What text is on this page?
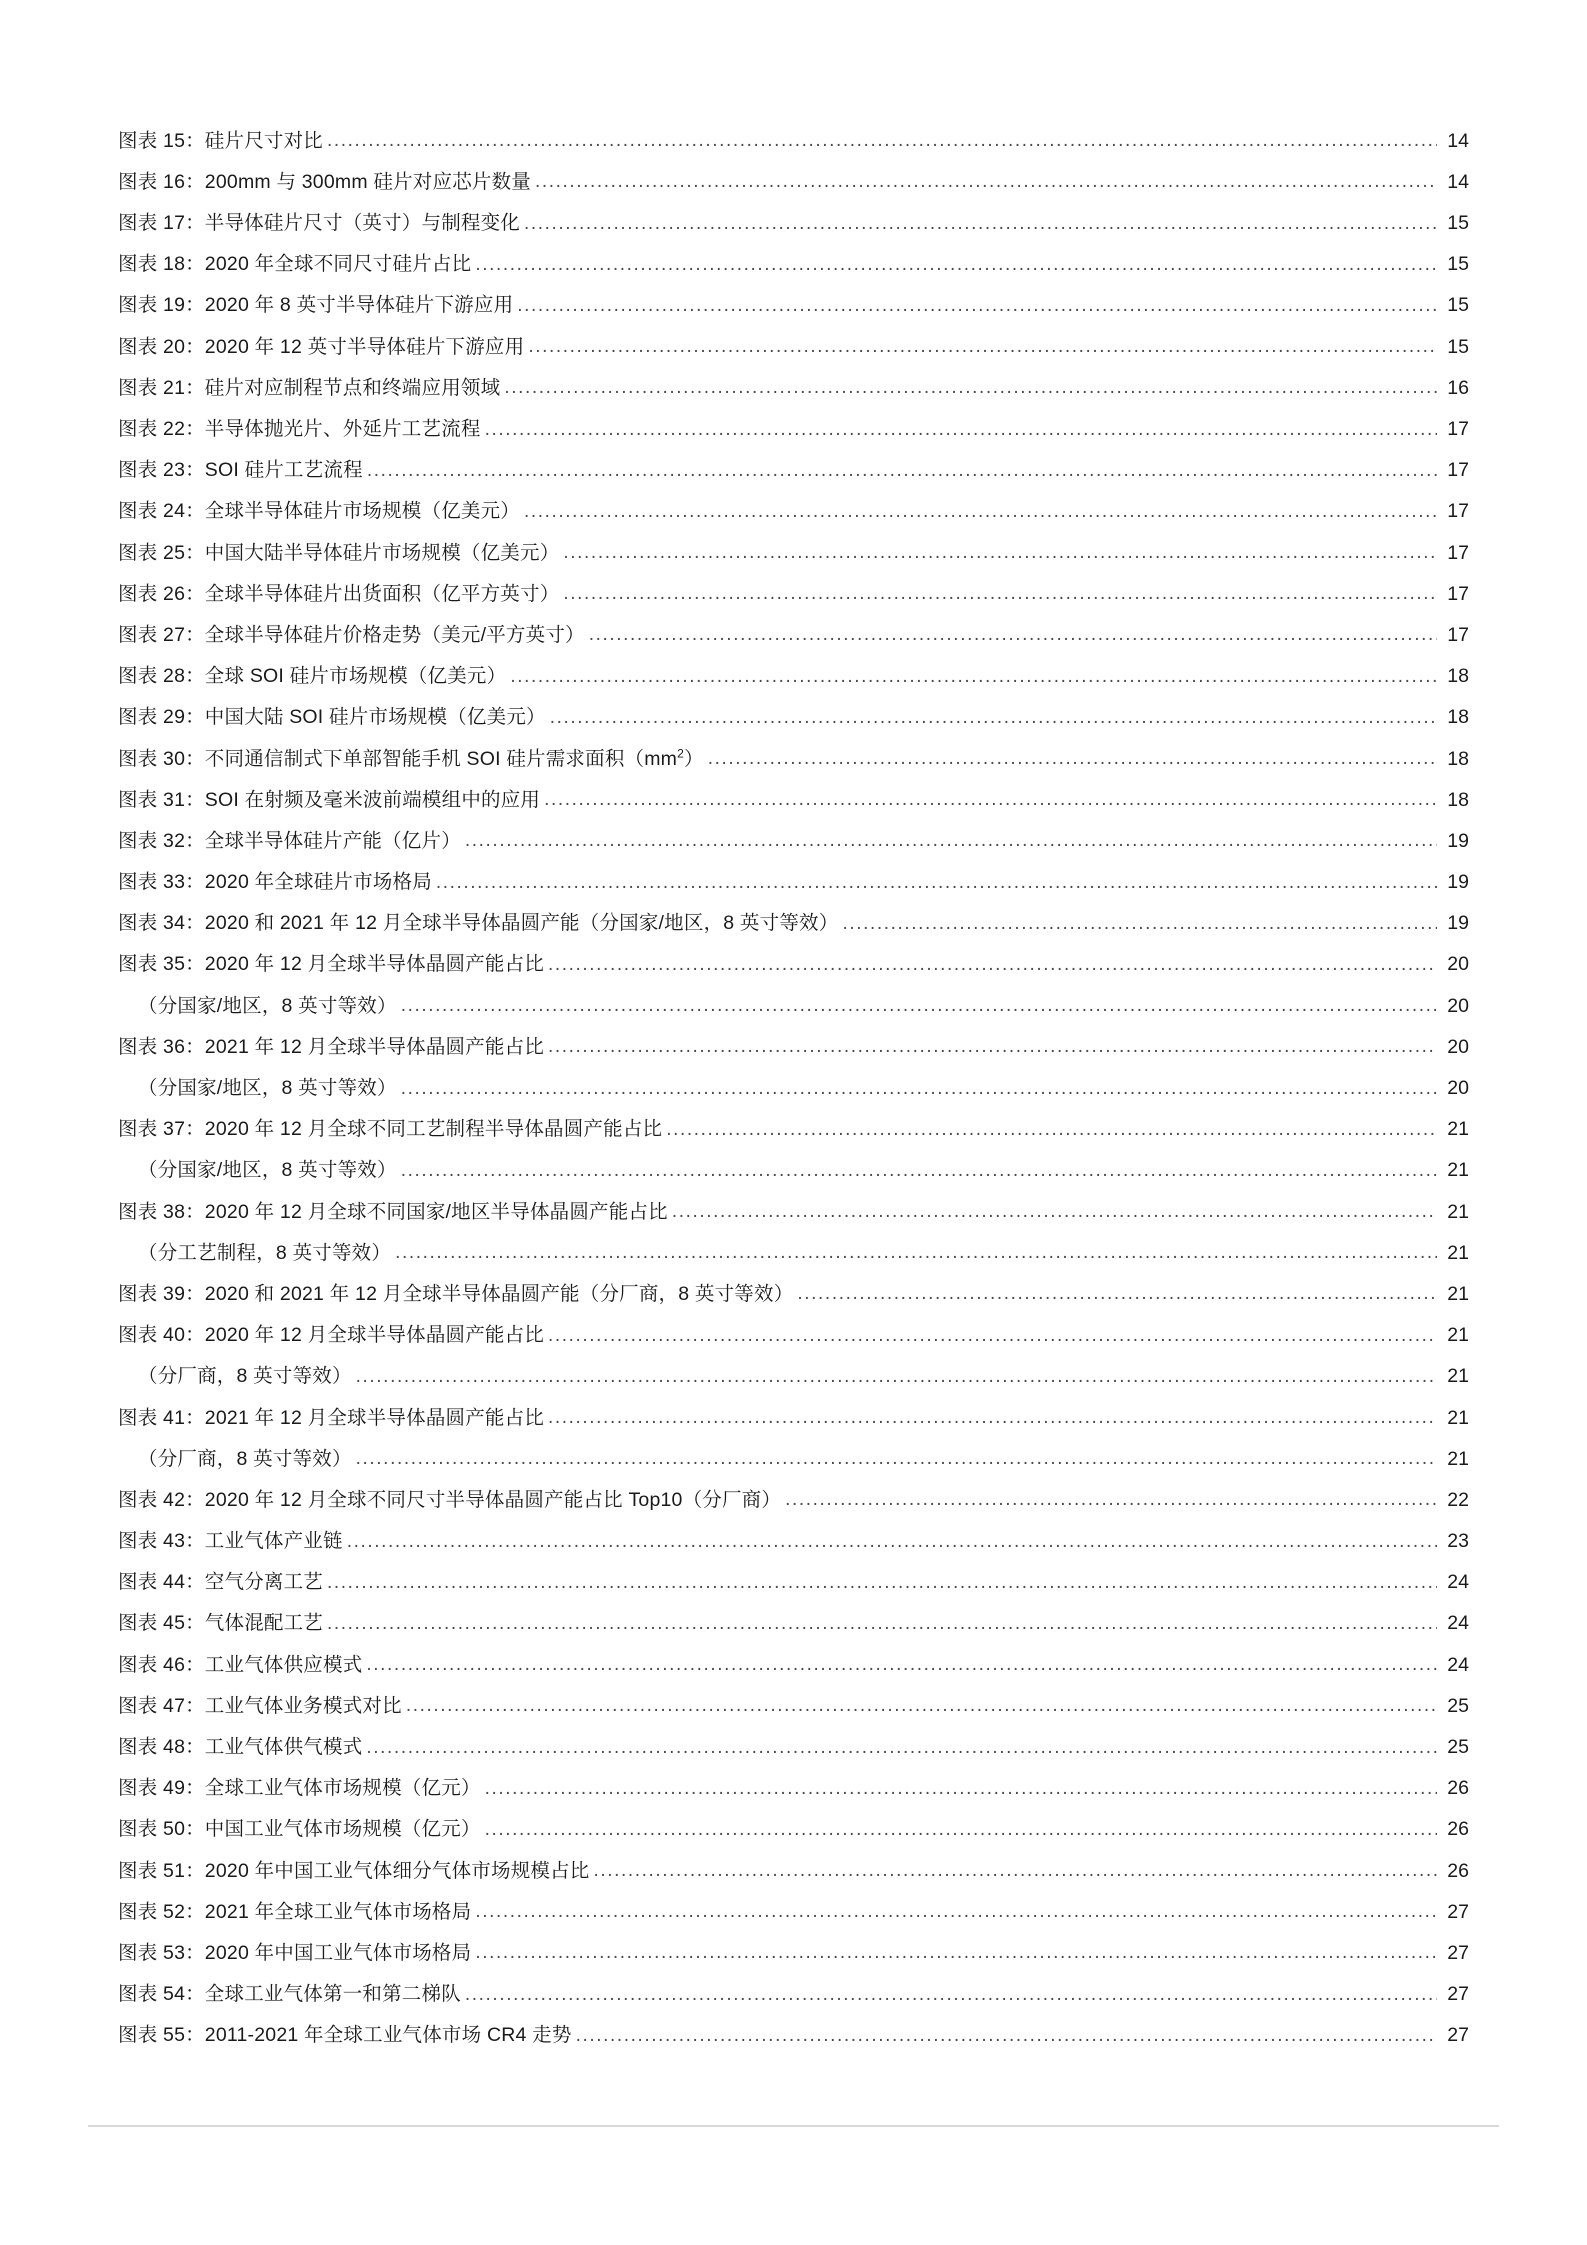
图表 15：硅片尺寸对比 .....	14
图表 16：200mm 与 300mm 硅片对应芯片数量 .....	14
图表 17：半导体硅片尺寸（英寸）与制程变化 .....	15
图表 18：2020 年全球不同尺寸硅片占比 .....	15
图表 19：2020 年 8 英寸半导体硅片下游应用 .....	15
图表 20：2020 年 12 英寸半导体硅片下游应用 .....	15
图表 21：硅片对应制程节点和终端应用领域 .....	16
图表 22：半导体抛光片、外延片工艺流程 .....	17
图表 23：SOI 硅片工艺流程 .....	17
图表 24：全球半导体硅片市场规模（亿美元） .....	17
图表 25：中国大陆半导体硅片市场规模（亿美元） .....	17
图表 26：全球半导体硅片出货面积（亿平方英寸） .....	17
图表 27：全球半导体硅片价格走势（美元/平方英寸） .....	17
图表 28：全球 SOI 硅片市场规模（亿美元） .....	18
图表 29：中国大陆 SOI 硅片市场规模（亿美元） .....	18
图表 30：不同通信制式下单部智能手机 SOI 硅片需求面积$(mm^2)$ .....	18
图表 31：SOI 在射频及毫米波前端模组中的应用 .....	18
图表 32：全球半导体硅片产能（亿片） .....	19
图表 33：2020 年全球硅片市场格局 .....	19
图表 34：2020 和 2021 年 12 月全球半导体晶圆产能（分国家/地区，8 英寸等效） .....	19
图表 35：2020 年 12 月全球半导体晶圆产能占比 .....	20
（分国家/地区，8 英寸等效） .....	20
图表 36：2021 年 12 月全球半导体晶圆产能占比 .....	20
（分国家/地区，8 英寸等效） .....	20
图表 37：2020 年 12 月全球不同工艺制程半导体晶圆产能占比 .....	21
（分国家/地区，8 英寸等效） .....	21
图表 38：2020 年 12 月全球不同国家/地区半导体晶圆产能占比 .....	21
（分工艺制程，8 英寸等效） .....	21
图表 39：2020 和 2021 年 12 月全球半导体晶圆产能（分厂商，8 英寸等效） .....	21
图表 40：2020 年 12 月全球半导体晶圆产能占比 .....	21
（分厂商，8 英寸等效） .....	21
图表 41：2021 年 12 月全球半导体晶圆产能占比 .....	21
（分厂商，8 英寸等效） .....	21
图表 42：2020 年 12 月全球不同尺寸半导体晶圆产能占比 Top10（分厂商） .....	22
图表 43：工业气体产业链 .....	23
图表 44：空气分离工艺 .....	24
图表 45：气体混配工艺 .....	24
图表 46：工业气体供应模式 .....	24
图表 47：工业气体业务模式对比 .....	25
图表 48：工业气体供气模式 .....	25
图表 49：全球工业气体市场规模（亿元） .....	26
图表 50：中国工业气体市场规模（亿元） .....	26
图表 51：2020 年中国工业气体细分气体市场规模占比 .....	26
图表 52：2021 年全球工业气体市场格局 .....	27
图表 53：2020 年中国工业气体市场格局 .....	27
图表 54：全球工业气体第一和第二梯队 .....	27
图表 55：2011-2021 年全球工业气体市场 CR4 走势 .....	27
